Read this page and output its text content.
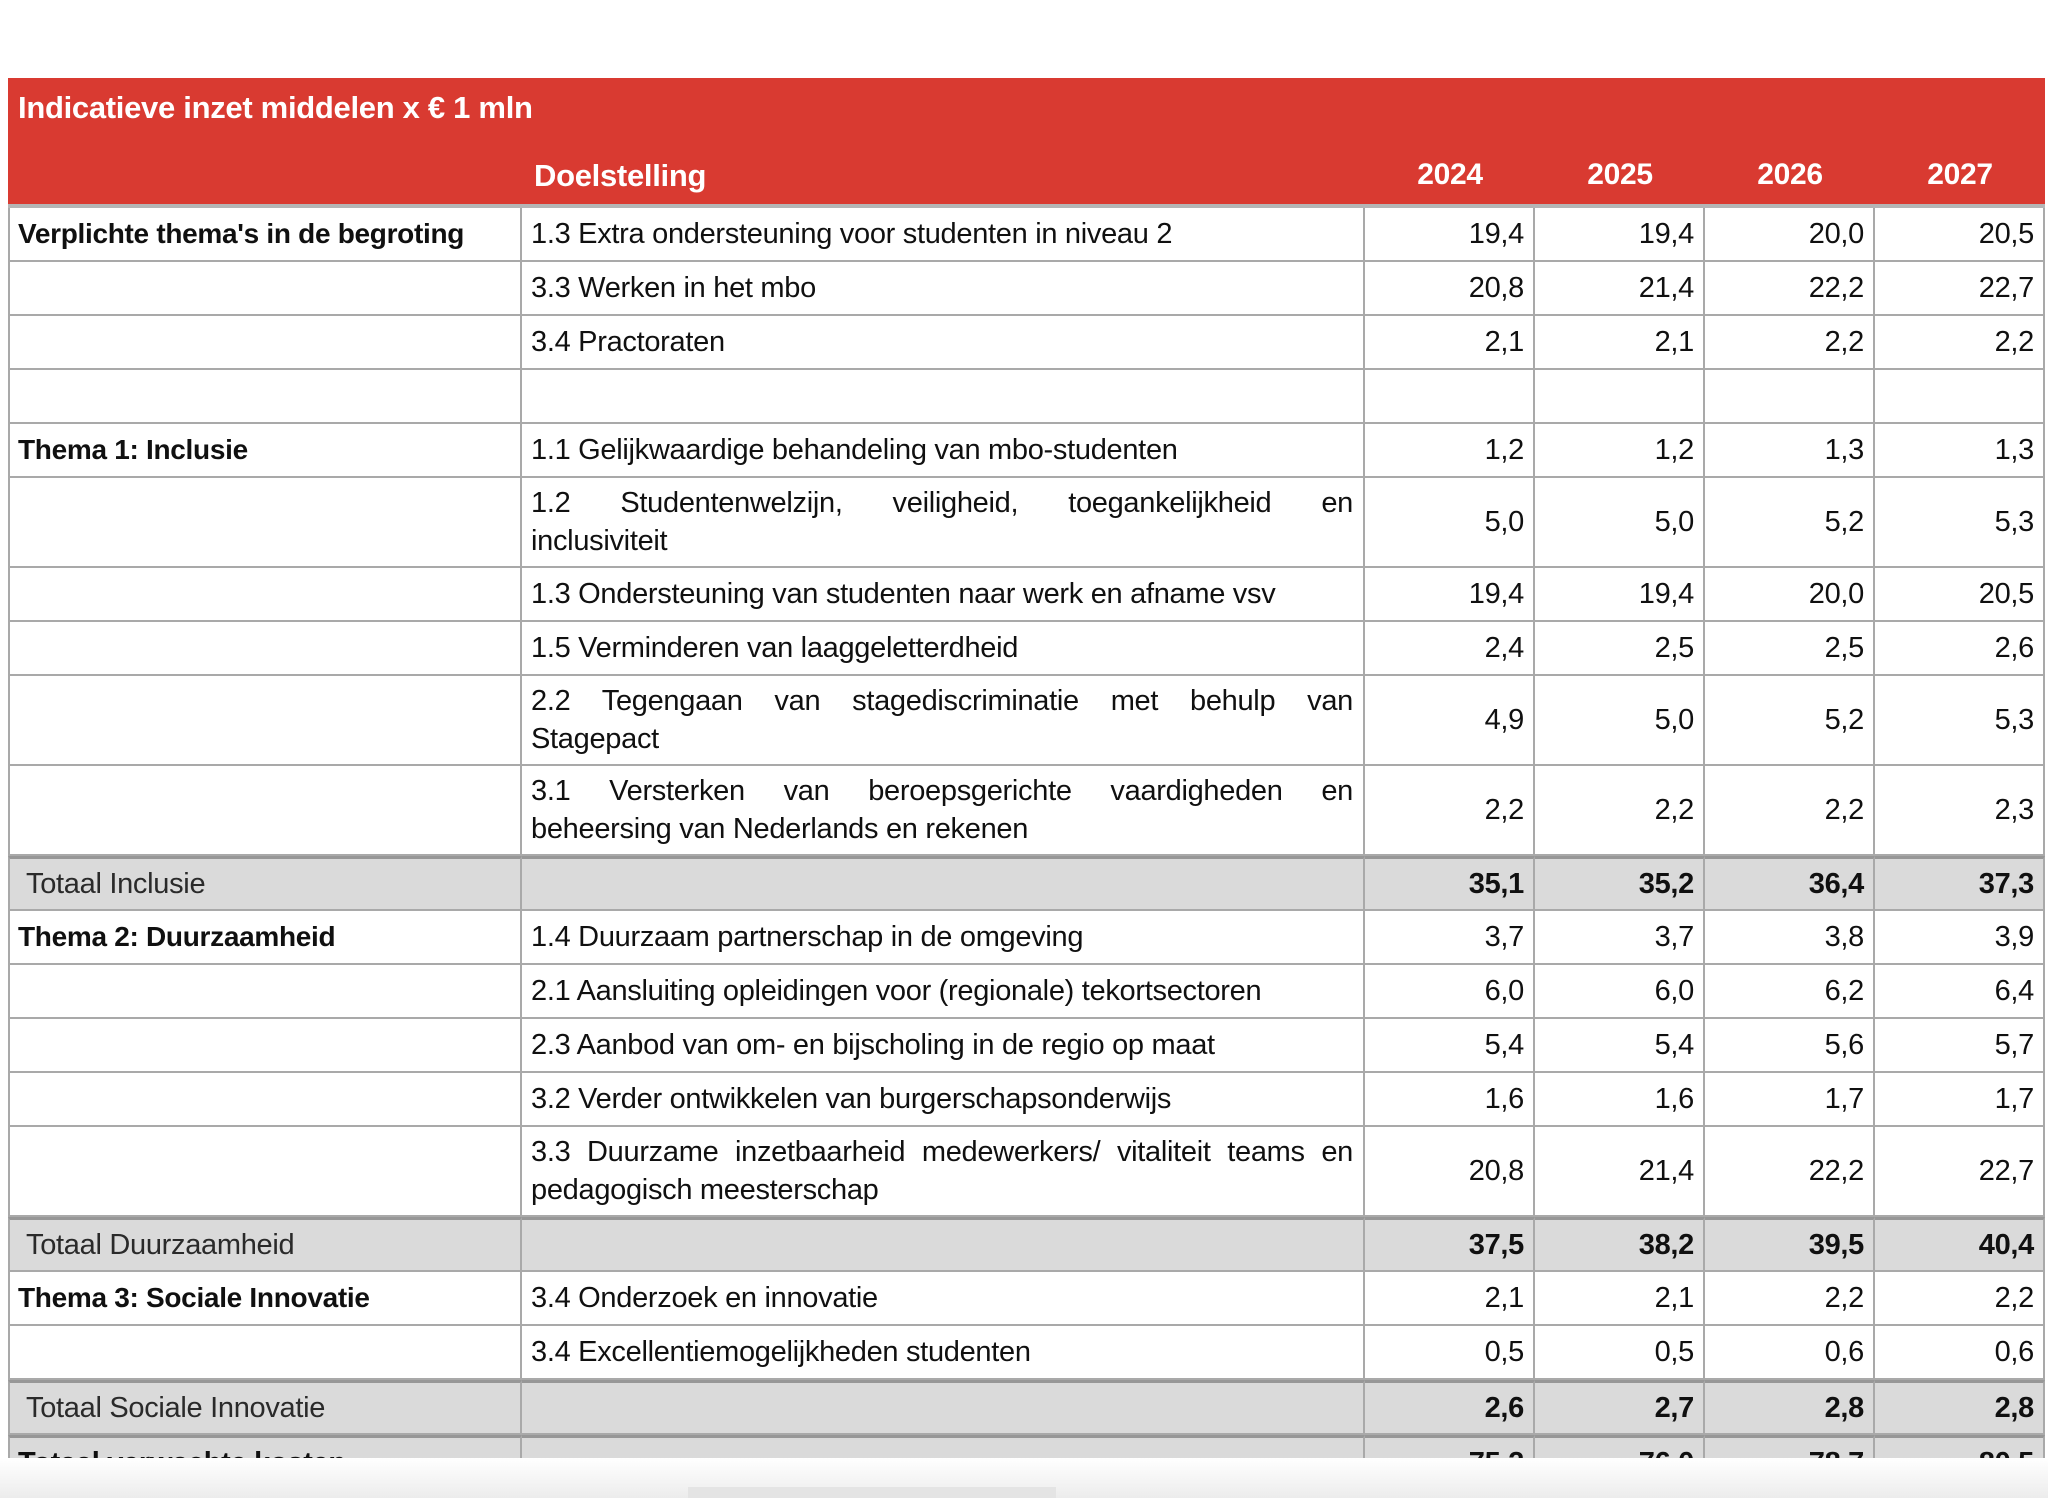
Indicatieve inzet middelen x € 1 mln
Doelstelling	2024	2025	2026	2027
Verplichte thema's in de begroting	1.3 Extra ondersteuning voor studenten in niveau 2	19,4	19,4	20,0	20,5
3.3 Werken in het mbo	20,8	21,4	22,2	22,7
3.4 Practoraten	2,1	2,1	2,2	2,2
Thema 1: Inclusie	1.1 Gelijkwaardige behandeling van mbo-studenten	1,2	1,2	1,3	1,3
1.2 Studentenwelzijn, veiligheid, toegankelijkheid en
inclusiviteit
5,0	5,0	5,2	5,3
1.3 Ondersteuning van studenten naar werk en afname vsv	19,4	19,4	20,0	20,5
1.5 Verminderen van laaggeletterdheid	2,4	2,5	2,5	2,6
2.2 Tegengaan van stagediscriminatie met behulp van
Stagepact
4,9	5,0	5,2	5,3
3.1 Versterken van beroepsgerichte vaardigheden en
beheersing van Nederlands en rekenen
2,2	2,2	2,2	2,3
Totaal Inclusie	35,1	35,2	36,4	37,3
Thema 2: Duurzaamheid	1.4 Duurzaam partnerschap in de omgeving	3,7	3,7	3,8	3,9
2.1 Aansluiting opleidingen voor (regionale) tekortsectoren	6,0	6,0	6,2	6,4
2.3 Aanbod van om- en bijscholing in de regio op maat	5,4	5,4	5,6	5,7
3.2 Verder ontwikkelen van burgerschapsonderwijs	1,6	1,6	1,7	1,7
3.3 Duurzame inzetbaarheid medewerkers/ vitaliteit teams en
pedagogisch meesterschap
20,8	21,4	22,2	22,7
Totaal Duurzaamheid	37,5	38,2	39,5	40,4
Thema 3: Sociale Innovatie	3.4 Onderzoek en innovatie	2,1	2,1	2,2	2,2
3.4 Excellentiemogelijkheden studenten	0,5	0,5	0,6	0,6
Totaal Sociale Innovatie	2,6	2,7	2,8	2,8
